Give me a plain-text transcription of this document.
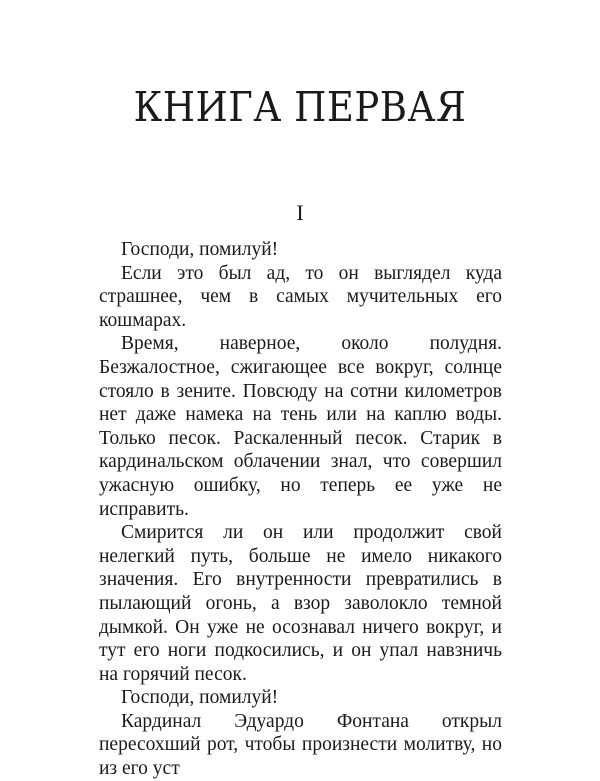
КНИГА ПЕРВАЯ
I

Господи, помилуй!

Если это был ад, то он выглядел куда страшнее, чем в самых мучительных его кошмарах.

Время, наверное, около полудня. Безжалостное, сжигающее все вокруг, солнце стояло в зените. Повсюду на сотни километров нет даже намека на тень или на каплю воды. Только песок. Раскаленный песок. Старик в кардинальском облачении знал, что совершил ужасную ошибку, но теперь ее уже не исправить.

Смирится ли он или продолжит свой нелегкий путь, больше не имело никакого значения. Его внутренности превратились в пылающий огонь, а взор заволокло темной дымкой. Он уже не осознавал ничего вокруг, и тут его ноги подкосились, и он упал навзничь на горячий песок.

Господи, помилуй!

Кардинал Эдуардо Фонтана открыл пересохший рот, чтобы произнести молитву, но из его уст
